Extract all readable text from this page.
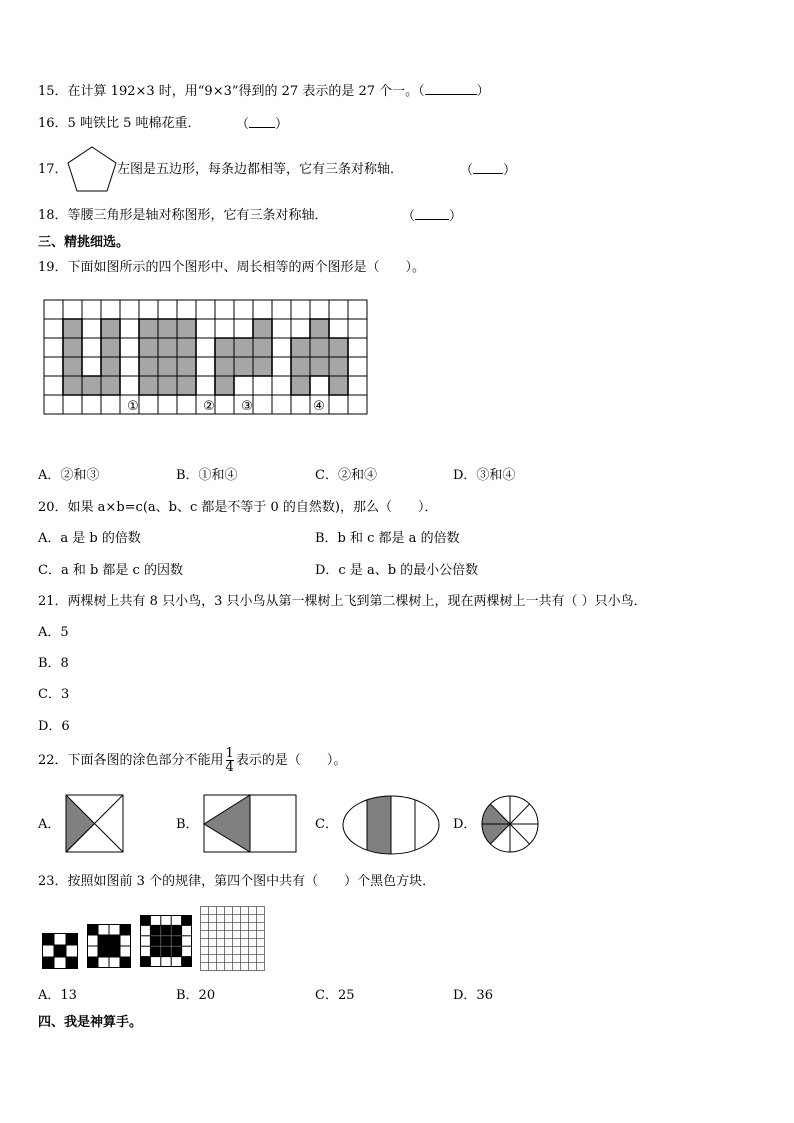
15．在计算 192×3 时，用“9×3”得到的 27 表示的是 27 个一。（	）
16．5 吨铁比 5 吨棉花重．	（ ）
17．	左图是五边形，每条边都相等，它有三条对称轴．	（ ）
18．等腰三角形是轴对称图形，它有三条对称轴．	（	）
三、精挑细选。
19．下面如图所示的四个图形中、周长相等的两个图形是（　　）。
①	② ③	④
A．②和③	B．①和④	C．②和④	D．③和④
20．如果 a×b=c(a、b、c 都是不等于 0 的自然数)，那么（　　）．
A．a 是 b 的倍数	B．b 和 c 都是 a 的倍数
C．a 和 b 都是 c 的因数	D．c 是 a、b 的最小公倍数
21．两棵树上共有 8 只小鸟，3 只小鸟从第一棵树上飞到第二棵树上，现在两棵树上一共有（ ）只小鸟．
A．5
B．8
C．3
D．6
22．下面各图的涂色部分不能用 $\frac{1}{4}$ 表示的是（　　）。
A．	B．	C．	D．
23．按照如图前 3 个的规律，第四个图中共有（　　）个黑色方块．
A．13	B．20	C．25	D．36
四、我是神算手。
